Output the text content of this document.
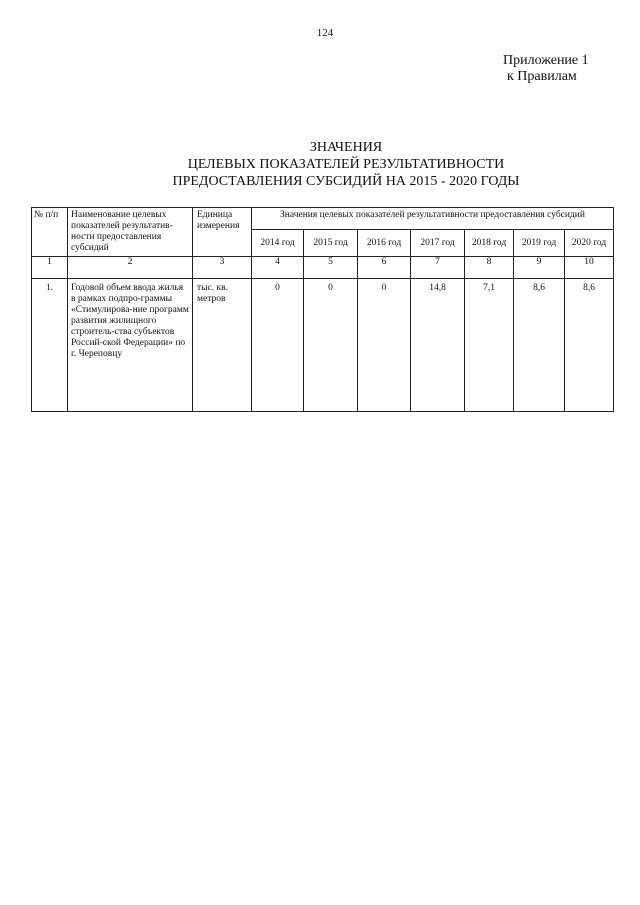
124
Приложение 1
к Правилам
ЗНАЧЕНИЯ
ЦЕЛЕВЫХ ПОКАЗАТЕЛЕЙ РЕЗУЛЬТАТИВНОСТИ
ПРЕДОСТАВЛЕНИЯ СУБСИДИЙ НА 2015 - 2020 ГОДЫ
№ п/п	Наименование целевых показателей результатив-ности предоставления субсидий	Единица измерения	Значения целевых показателей результативности предоставления субсидий						
			2014 год	2015 год	2016 год	2017 год	2018 год	2019 год	2020 год
1	2	3	4	5	6	7	8	9	10
1.	Годовой объем ввода жилья в рамках подпро-граммы «Стимулирова-ние программ развития жилищного строитель-ства субъектов Россий-ской Федерации» по г. Череповцу	тыс. кв. метров	0	0	0	14,8	7,1	8,6	8,6
